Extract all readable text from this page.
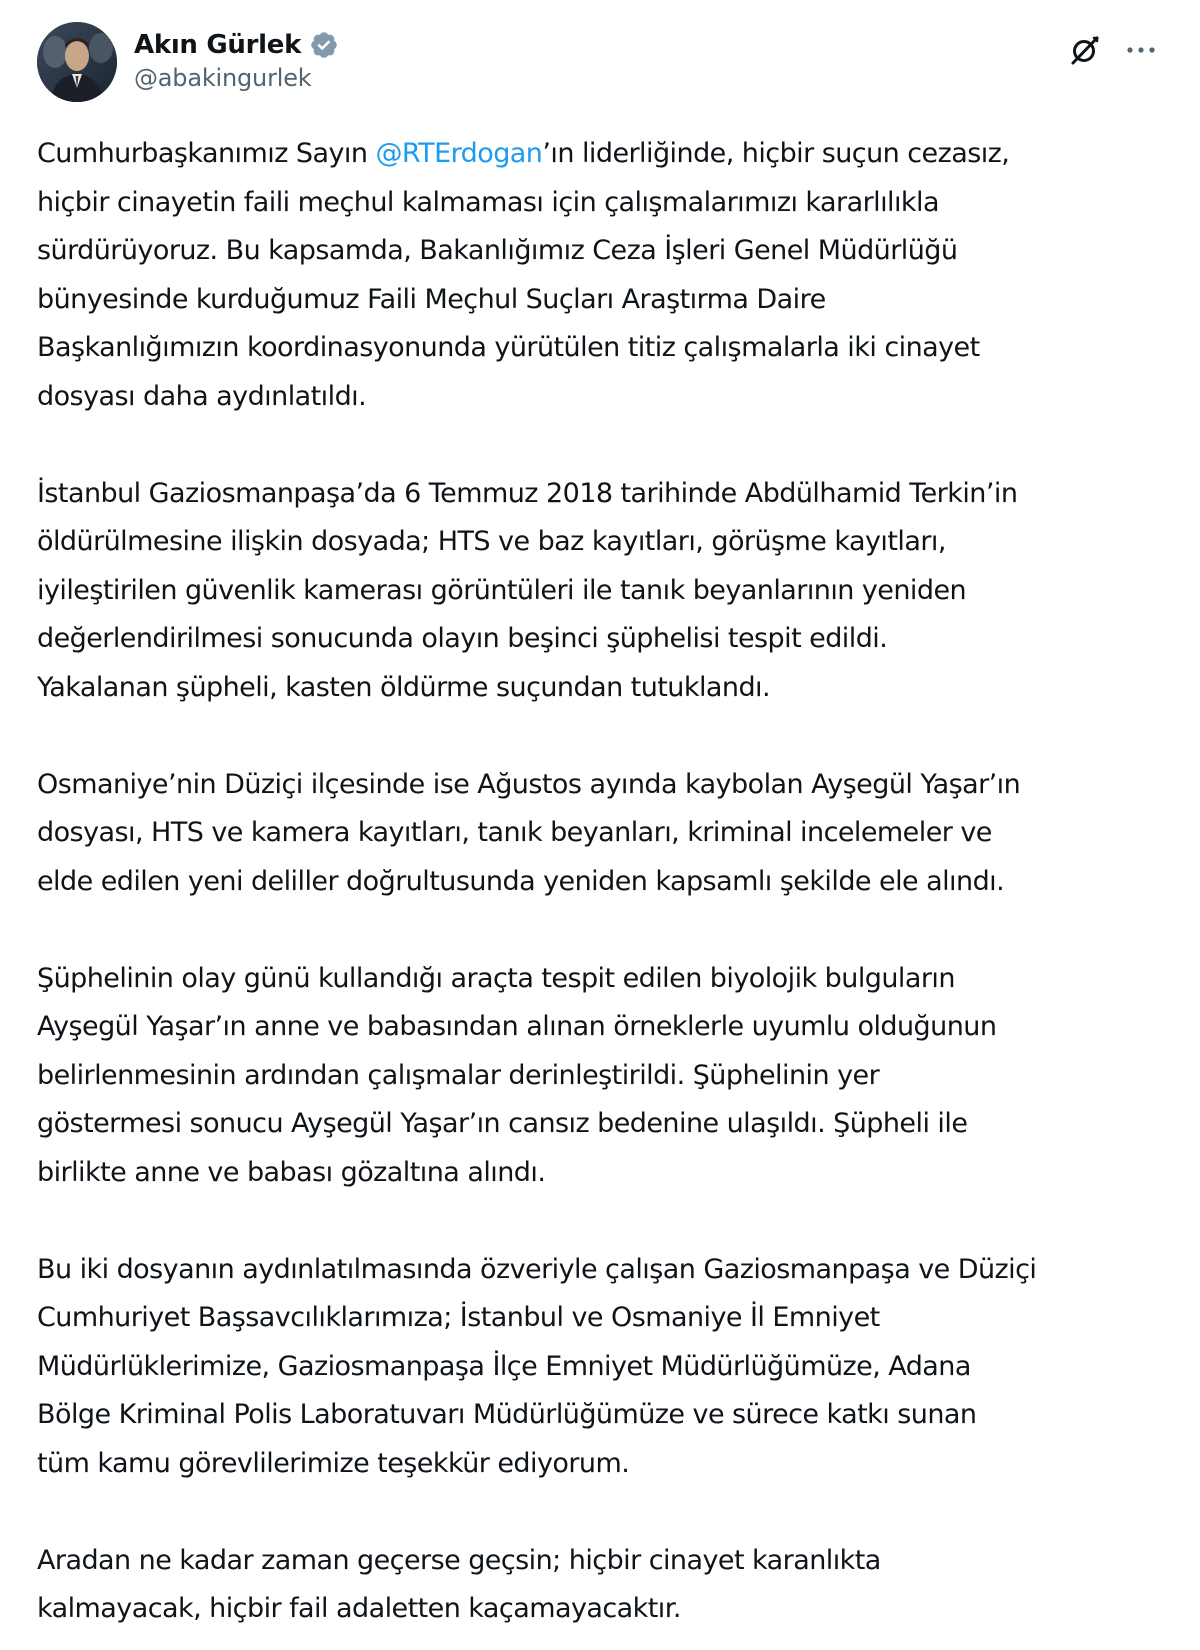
Akın Gürlek
@abakingurlek
Cumhurbaşkanımız Sayın @RTErdogan’ın liderliğinde, hiçbir suçun cezasız,
hiçbir cinayetin faili meçhul kalmaması için çalışmalarımızı kararlılıkla
sürdürüyoruz. Bu kapsamda, Bakanlığımız Ceza İşleri Genel Müdürlüğü
bünyesinde kurduğumuz Faili Meçhul Suçları Araştırma Daire
Başkanlığımızın koordinasyonunda yürütülen titiz çalışmalarla iki cinayet
dosyası daha aydınlatıldı.
İstanbul Gaziosmanpaşa’da 6 Temmuz 2018 tarihinde Abdülhamid Terkin’in
öldürülmesine ilişkin dosyada; HTS ve baz kayıtları, görüşme kayıtları,
iyileştirilen güvenlik kamerası görüntüleri ile tanık beyanlarının yeniden
değerlendirilmesi sonucunda olayın beşinci şüphelisi tespit edildi.
Yakalanan şüpheli, kasten öldürme suçundan tutuklandı.
Osmaniye’nin Düziçi ilçesinde ise Ağustos ayında kaybolan Ayşegül Yaşar’ın
dosyası, HTS ve kamera kayıtları, tanık beyanları, kriminal incelemeler ve
elde edilen yeni deliller doğrultusunda yeniden kapsamlı şekilde ele alındı.
Şüphelinin olay günü kullandığı araçta tespit edilen biyolojik bulguların
Ayşegül Yaşar’ın anne ve babasından alınan örneklerle uyumlu olduğunun
belirlenmesinin ardından çalışmalar derinleştirildi. Şüphelinin yer
göstermesi sonucu Ayşegül Yaşar’ın cansız bedenine ulaşıldı. Şüpheli ile
birlikte anne ve babası gözaltına alındı.
Bu iki dosyanın aydınlatılmasında özveriyle çalışan Gaziosmanpaşa ve Düziçi
Cumhuriyet Başsavcılıklarımıza; İstanbul ve Osmaniye İl Emniyet
Müdürlüklerimize, Gaziosmanpaşa İlçe Emniyet Müdürlüğümüze, Adana
Bölge Kriminal Polis Laboratuvarı Müdürlüğümüze ve sürece katkı sunan
tüm kamu görevlilerimize teşekkür ediyorum.
Aradan ne kadar zaman geçerse geçsin; hiçbir cinayet karanlıkta
kalmayacak, hiçbir fail adaletten kaçamayacaktır.
